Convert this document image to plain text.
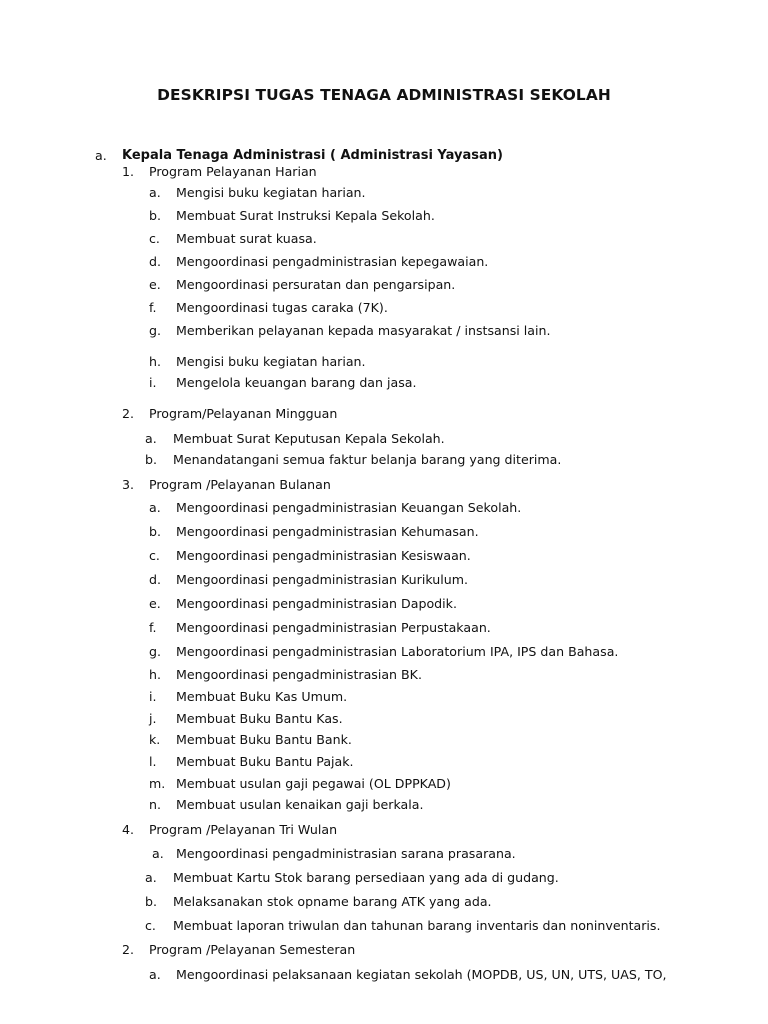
DESKRIPSI TUGAS TENAGA ADMINISTRASI SEKOLAH
a. Kepala Tenaga Administrasi ( Administrasi Yayasan)
1. Program Pelayanan Harian
a. Mengisi buku kegiatan harian.
b. Membuat Surat Instruksi Kepala Sekolah.
c. Membuat surat kuasa.
d. Mengoordinasi pengadministrasian kepegawaian.
e. Mengoordinasi persuratan dan pengarsipan.
f. Mengoordinasi tugas caraka (7K).
g. Memberikan pelayanan kepada masyarakat / instsansi lain.
h. Mengisi buku kegiatan harian.
i. Mengelola keuangan barang dan jasa.
2. Program/Pelayanan Mingguan
a. Membuat Surat Keputusan Kepala Sekolah.
b. Menandatangani semua faktur belanja barang yang diterima.
3. Program /Pelayanan Bulanan
a. Mengoordinasi pengadministrasian Keuangan Sekolah.
b. Mengoordinasi pengadministrasian Kehumasan.
c. Mengoordinasi pengadministrasian Kesiswaan.
d. Mengoordinasi pengadministrasian Kurikulum.
e. Mengoordinasi pengadministrasian Dapodik.
f. Mengoordinasi pengadministrasian Perpustakaan.
g. Mengoordinasi pengadministrasian Laboratorium IPA, IPS dan Bahasa.
h. Mengoordinasi pengadministrasian BK.
i. Membuat Buku Kas Umum.
j. Membuat Buku Bantu Kas.
k. Membuat Buku Bantu Bank.
l. Membuat Buku Bantu Pajak.
m. Membuat usulan gaji pegawai (OL DPPKAD)
n. Membuat usulan kenaikan gaji berkala.
4. Program /Pelayanan Tri Wulan
a. Mengoordinasi pengadministrasian sarana prasarana.
a. Membuat Kartu Stok barang persediaan yang ada di gudang.
b. Melaksanakan stok opname barang ATK yang ada.
c. Membuat laporan triwulan dan tahunan barang inventaris dan noninventaris.
2. Program /Pelayanan Semesteran
a. Mengoordinasi pelaksanaan kegiatan sekolah (MOPDB, US, UN, UTS, UAS, TO,
